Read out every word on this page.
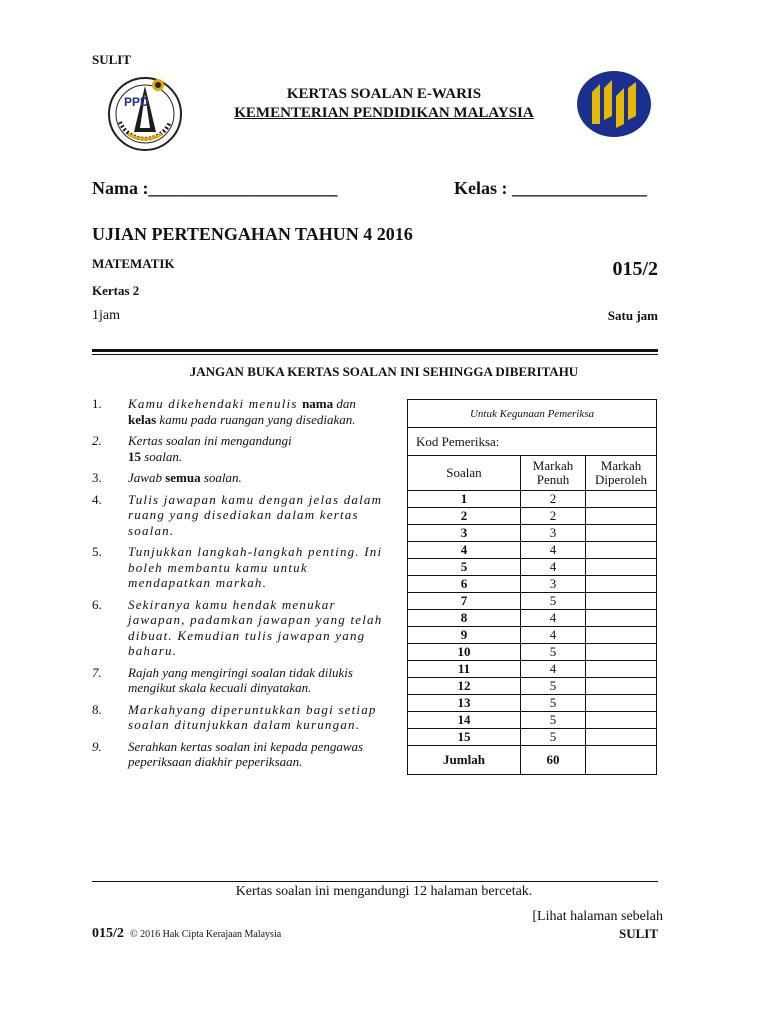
SULIT
PPD	KERTAS SOALAN E-WARIS
KEMENTERIAN PENDIDIKAN MALAYSIA
Nama :_____________________	Kelas : _______________
UJIAN PERTENGAHAN TAHUN 4 2016
MATEMATIK	015/2
Kertas 2
1jam	Satu jam
JANGAN BUKA KERTAS SOALAN INI SEHINGGA DIBERITAHU
1. Kamu dikehendaki menulis nama dan kelas kamu pada ruangan yang disediakan.
2. Kertas soalan ini mengandungi
15 soalan.
3. Jawab semua soalan.
4. Tulis jawapan kamu dengan jelas dalam ruang yang disediakan dalam kertas soalan.
5. Tunjukkan langkah-langkah penting. Ini boleh membantu kamu untuk mendapatkan markah.
6. Sekiranya kamu hendak menukar jawapan, padamkan jawapan yang telah dibuat. Kemudian tulis jawapan yang baharu.
7. Rajah yang mengiringi soalan tidak dilukis mengikut skala kecuali dinyatakan.
8. Markahyang diperuntukkan bagi setiap soalan ditunjukkan dalam kurungan.
9. Serahkan kertas soalan ini kepada pengawas peperiksaan diakhir peperiksaan.
Untuk Kegunaan Pemeriksa		
Kod Pemeriksa:		
Soalan	Markah Penuh	Markah Diperoleh
1	2	
2	2	
3	3	
4	4	
5	4	
6	3	
7	5	
8	4	
9	4	
10	5	
11	4	
12	5	
13	5	
14	5	
15	5	
Jumlah	60	
Kertas soalan ini mengandungi 12 halaman bercetak.
[Lihat halaman sebelah
015/2 © 2016 Hak Cipta Kerajaan Malaysia	SULIT
